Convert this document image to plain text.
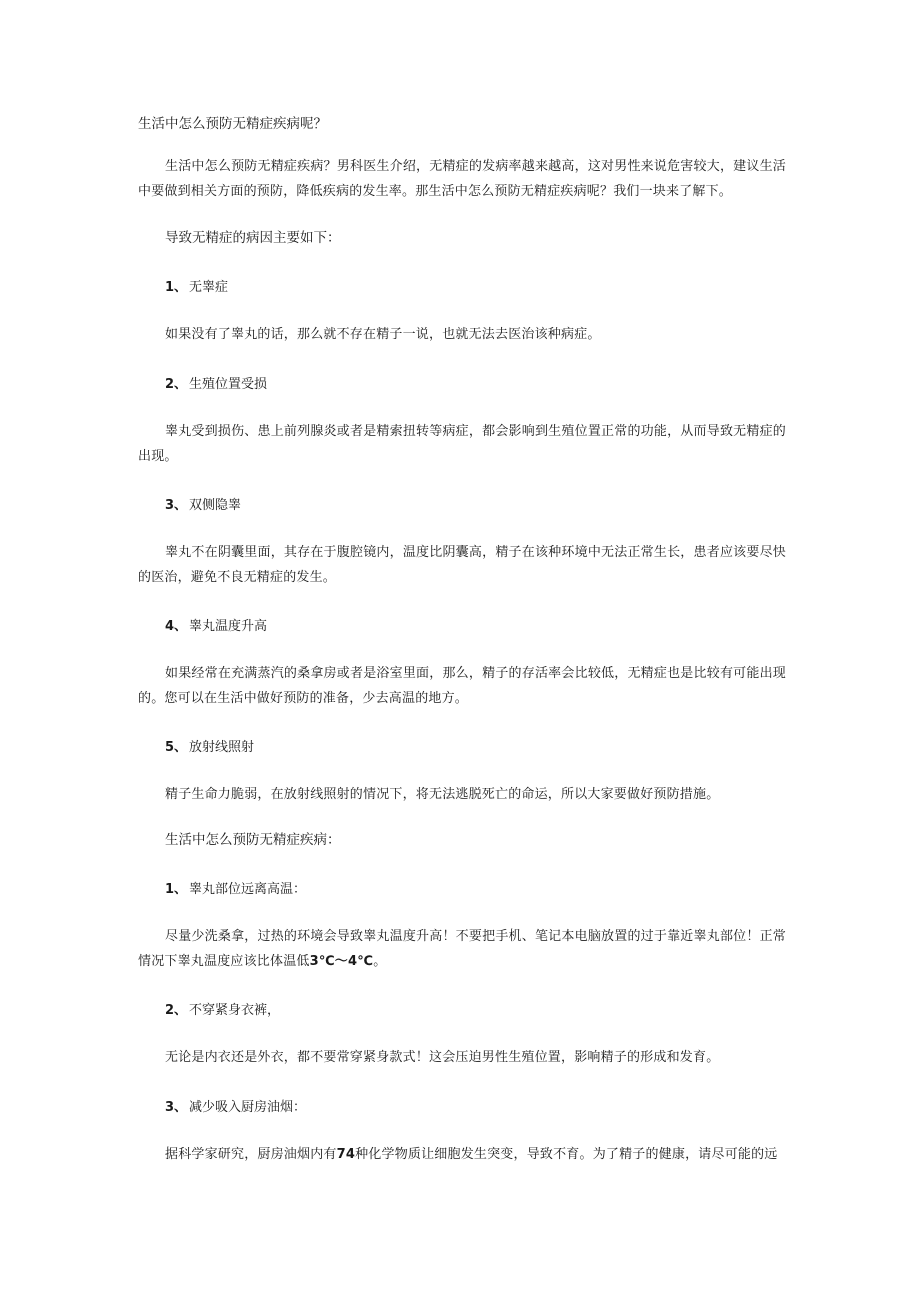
生活中怎么预防无精症疾病呢？

生活中怎么预防无精症疾病？男科医生介绍，无精症的发病率越来越高，这对男性来说危害较大，建议生活中要做到相关方面的预防，降低疾病的发生率。那生活中怎么预防无精症疾病呢？我们一块来了解下。

导致无精症的病因主要如下：

1、 无睾症

如果没有了睾丸的话，那么就不存在精子一说，也就无法去医治该种病症。

2、 生殖位置受损

睾丸受到损伤、患上前列腺炎或者是精索扭转等病症，都会影响到生殖位置正常的功能，从而导致无精症的出现。

3、 双侧隐睾

睾丸不在阴囊里面，其存在于腹腔镜内，温度比阴囊高，精子在该种环境中无法正常生长，患者应该要尽快的医治，避免不良无精症的发生。

4、 睾丸温度升高

如果经常在充满蒸汽的桑拿房或者是浴室里面，那么，精子的存活率会比较低，无精症也是比较有可能出现的。您可以在生活中做好预防的准备，少去高温的地方。

5、 放射线照射

精子生命力脆弱，在放射线照射的情况下，将无法逃脱死亡的命运，所以大家要做好预防措施。

生活中怎么预防无精症疾病：

1、 睾丸部位远离高温：

尽量少洗桑拿，过热的环境会导致睾丸温度升高！不要把手机、笔记本电脑放置的过于靠近睾丸部位！正常情况下睾丸温度应该比体温低3℃～4℃。

2、 不穿紧身衣裤，

无论是内衣还是外衣，都不要常穿紧身款式！这会压迫男性生殖位置，影响精子的形成和发育。

3、 减少吸入厨房油烟：

据科学家研究，厨房油烟内有74种化学物质让细胞发生突变，导致不育。为了精子的健康，请尽可能的远
